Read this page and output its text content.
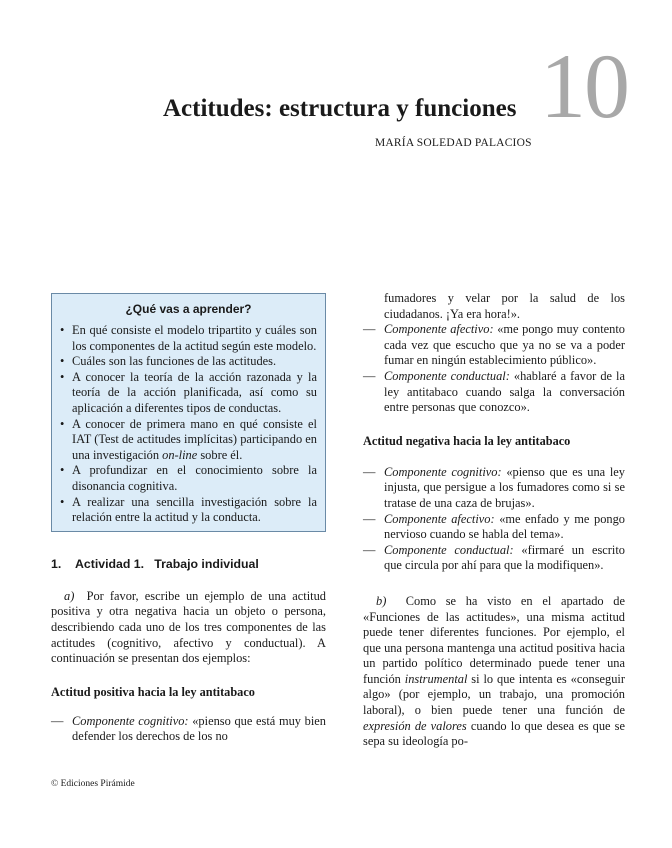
10
Actitudes: estructura y funciones
MARÍA SOLEDAD PALACIOS

¿Qué vas a aprender?

• En qué consiste el modelo tripartito y cuáles son los componentes de la actitud según este modelo.
• Cuáles son las funciones de las actitudes.
• A conocer la teoría de la acción razonada y la teoría de la acción planificada, así como su aplicación a diferentes tipos de conductas.
• A conocer de primera mano en qué consiste el IAT (Test de actitudes implícitas) participando en una investigación on-line sobre él.
• A profundizar en el conocimiento sobre la disonancia cognitiva.
• A realizar una sencilla investigación sobre la relación entre la actitud y la conducta.

1. Actividad 1.   Trabajo individual

a) Por favor, escribe un ejemplo de una actitud positiva y otra negativa hacia un objeto o persona, describiendo cada uno de los tres componentes de las actitudes (cognitivo, afectivo y conductual). A continuación se presentan dos ejemplos:

Actitud positiva hacia la ley antitabaco

— Componente cognitivo: «pienso que está muy bien defender los derechos de los no
fumadores y velar por la salud de los ciudadanos. ¡Ya era hora!».
— Componente afectivo: «me pongo muy contento cada vez que escucho que ya no se va a poder fumar en ningún establecimiento público».
— Componente conductual: «hablaré a favor de la ley antitabaco cuando salga la conversación entre personas que conozco».

Actitud negativa hacia la ley antitabaco

— Componente cognitivo: «pienso que es una ley injusta, que persigue a los fumadores como si se tratase de una caza de brujas».
— Componente afectivo: «me enfado y me pongo nervioso cuando se habla del tema».
— Componente conductual: «firmaré un escrito que circula por ahí para que la modifiquen».

b) Como se ha visto en el apartado de «Funciones de las actitudes», una misma actitud puede tener diferentes funciones. Por ejemplo, el que una persona mantenga una actitud positiva hacia un partido político determinado puede tener una función instrumental si lo que intenta es «conseguir algo» (por ejemplo, un trabajo, una promoción laboral), o bien puede tener una función de expresión de valores cuando lo que desea es que se sepa su ideología po-

© Ediciones Pirámide
